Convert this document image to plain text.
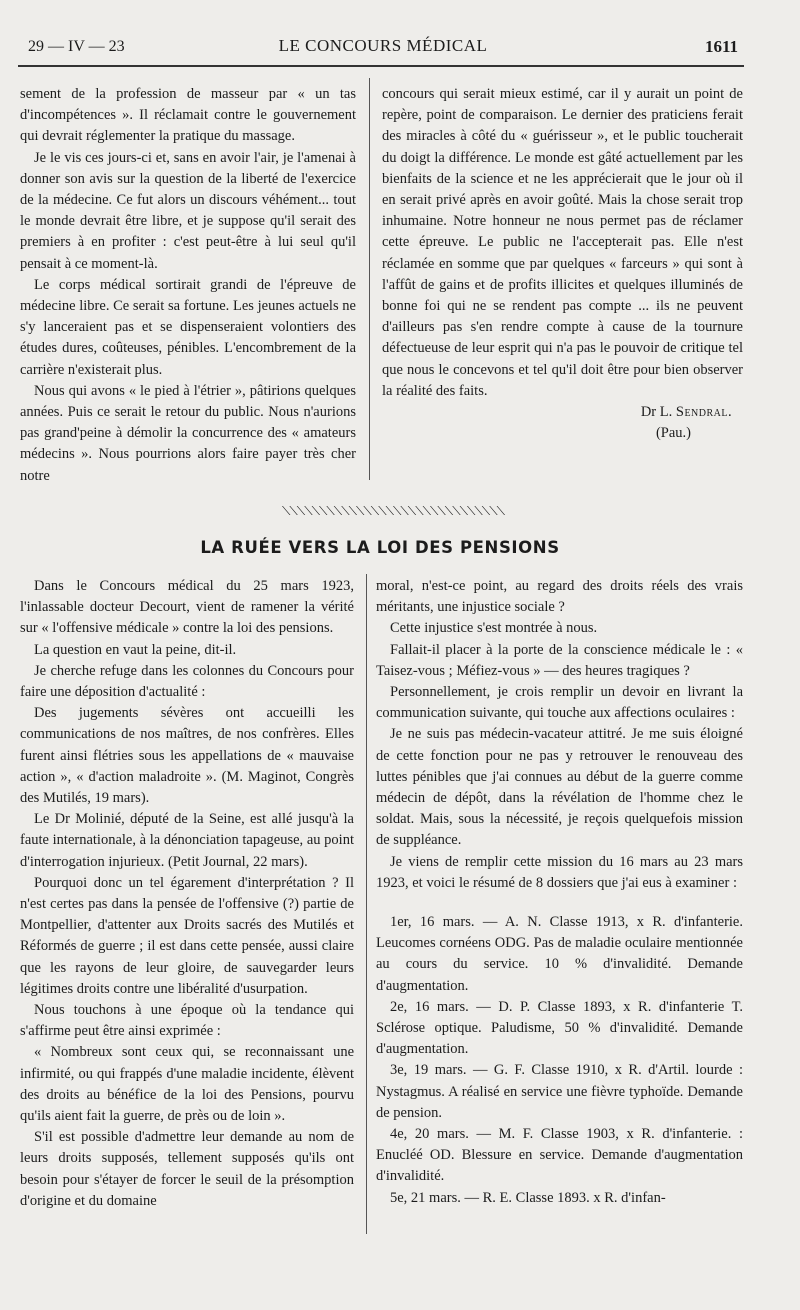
29 — IV — 23	LE CONCOURS MÉDICAL	1611

sement de la profession de masseur par « un tas d'incompétences ». Il réclamait contre le gouvernement qui devrait réglementer la pratique du massage.

Je le vis ces jours-ci et, sans en avoir l'air, je l'amenai à donner son avis sur la question de la liberté de l'exercice de la médecine. Ce fut alors un discours véhément... tout le monde devrait être libre, et je suppose qu'il serait des premiers à en profiter : c'est peut-être à lui seul qu'il pensait à ce moment-là.

Le corps médical sortirait grandi de l'épreuve de médecine libre. Ce serait sa fortune. Les jeunes actuels ne s'y lanceraient pas et se dispenseraient volontiers des études dures, coûteuses, pénibles. L'encombrement de la carrière n'existerait plus.

Nous qui avons « le pied à l'étrier », pâtirions quelques années. Puis ce serait le retour du public. Nous n'aurions pas grand'peine à démolir la concurrence des « amateurs médecins ». Nous pourrions alors faire payer très cher notre

concours qui serait mieux estimé, car il y aurait un point de repère, point de comparaison. Le dernier des praticiens ferait des miracles à côté du « guérisseur », et le public toucherait du doigt la différence. Le monde est gâté actuellement par les bienfaits de la science et ne les apprécierait que le jour où il en serait privé après en avoir goûté. Mais la chose serait trop inhumaine. Notre honneur ne nous permet pas de réclamer cette épreuve. Le public ne l'accepterait pas. Elle n'est réclamée en somme que par quelques « farceurs » qui sont à l'affût de gains et de profits illicites et quelques illuminés de bonne foi qui ne se rendent pas compte ... ils ne peuvent d'ailleurs pas s'en rendre compte à cause de la tournure défectueuse de leur esprit qui n'a pas le pouvoir de critique tel que nous le concevons et tel qu'il doit être pour bien observer la réalité des faits.

Dr L. Sendral.

(Pau.)

⟍⟍⟍⟍⟍⟍⟍⟍⟍⟍⟍⟍⟍⟍⟍⟍⟍⟍⟍⟍⟍⟍⟍⟍⟍⟍⟍⟍⟍⟍
LA RUÉE VERS LA LOI DES PENSIONS

Dans le Concours médical du 25 mars 1923, l'inlassable docteur Decourt, vient de ramener la vérité sur « l'offensive médicale » contre la loi des pensions.

La question en vaut la peine, dit-il.

Je cherche refuge dans les colonnes du Concours pour faire une déposition d'actualité :

Des jugements sévères ont accueilli les communications de nos maîtres, de nos confrères. Elles furent ainsi flétries sous les appellations de « mauvaise action », « d'action maladroite ». (M. Maginot, Congrès des Mutilés, 19 mars).

Le Dr Molinié, député de la Seine, est allé jusqu'à la faute internationale, à la dénonciation tapageuse, au point d'interrogation injurieux. (Petit Journal, 22 mars).

Pourquoi donc un tel égarement d'interprétation ? Il n'est certes pas dans la pensée de l'offensive (?) partie de Montpellier, d'attenter aux Droits sacrés des Mutilés et Réformés de guerre ; il est dans cette pensée, aussi claire que les rayons de leur gloire, de sauvegarder leurs légitimes droits contre une libéralité d'usurpation.

Nous touchons à une époque où la tendance qui s'affirme peut être ainsi exprimée :

« Nombreux sont ceux qui, se reconnaissant une infirmité, ou qui frappés d'une maladie incidente, élèvent des droits au bénéfice de la loi des Pensions, pourvu qu'ils aient fait la guerre, de près ou de loin ».

S'il est possible d'admettre leur demande au nom de leurs droits supposés, tellement supposés qu'ils ont besoin pour s'étayer de forcer le seuil de la présomption d'origine et du domaine

moral, n'est-ce point, au regard des droits réels des vrais méritants, une injustice sociale ?

Cette injustice s'est montrée à nous.

Fallait-il placer à la porte de la conscience médicale le : « Taisez-vous ; Méfiez-vous » — des heures tragiques ?

Personnellement, je crois remplir un devoir en livrant la communication suivante, qui touche aux affections oculaires :

Je ne suis pas médecin-vacateur attitré. Je me suis éloigné de cette fonction pour ne pas y retrouver le renouveau des luttes pénibles que j'ai connues au début de la guerre comme médecin de dépôt, dans la révélation de l'homme chez le soldat. Mais, sous la nécessité, je reçois quelquefois mission de suppléance.

Je viens de remplir cette mission du 16 mars au 23 mars 1923, et voici le résumé de 8 dossiers que j'ai eus à examiner :

1er, 16 mars. — A. N. Classe 1913, x R. d'infanterie. Leucomes cornéens ODG. Pas de maladie oculaire mentionnée au cours du service. 10 % d'invalidité. Demande d'augmentation.

2e, 16 mars. — D. P. Classe 1893, x R. d'infanterie T. Sclérose optique. Paludisme, 50 % d'invalidité. Demande d'augmentation.

3e, 19 mars. — G. F. Classe 1910, x R. d'Artil. lourde : Nystagmus. A réalisé en service une fièvre typhoïde. Demande de pension.

4e, 20 mars. — M. F. Classe 1903, x R. d'infanterie. : Enucléé OD. Blessure en service. Demande d'augmentation d'invalidité.

5e, 21 mars. — R. E. Classe 1893. x R. d'infan-
